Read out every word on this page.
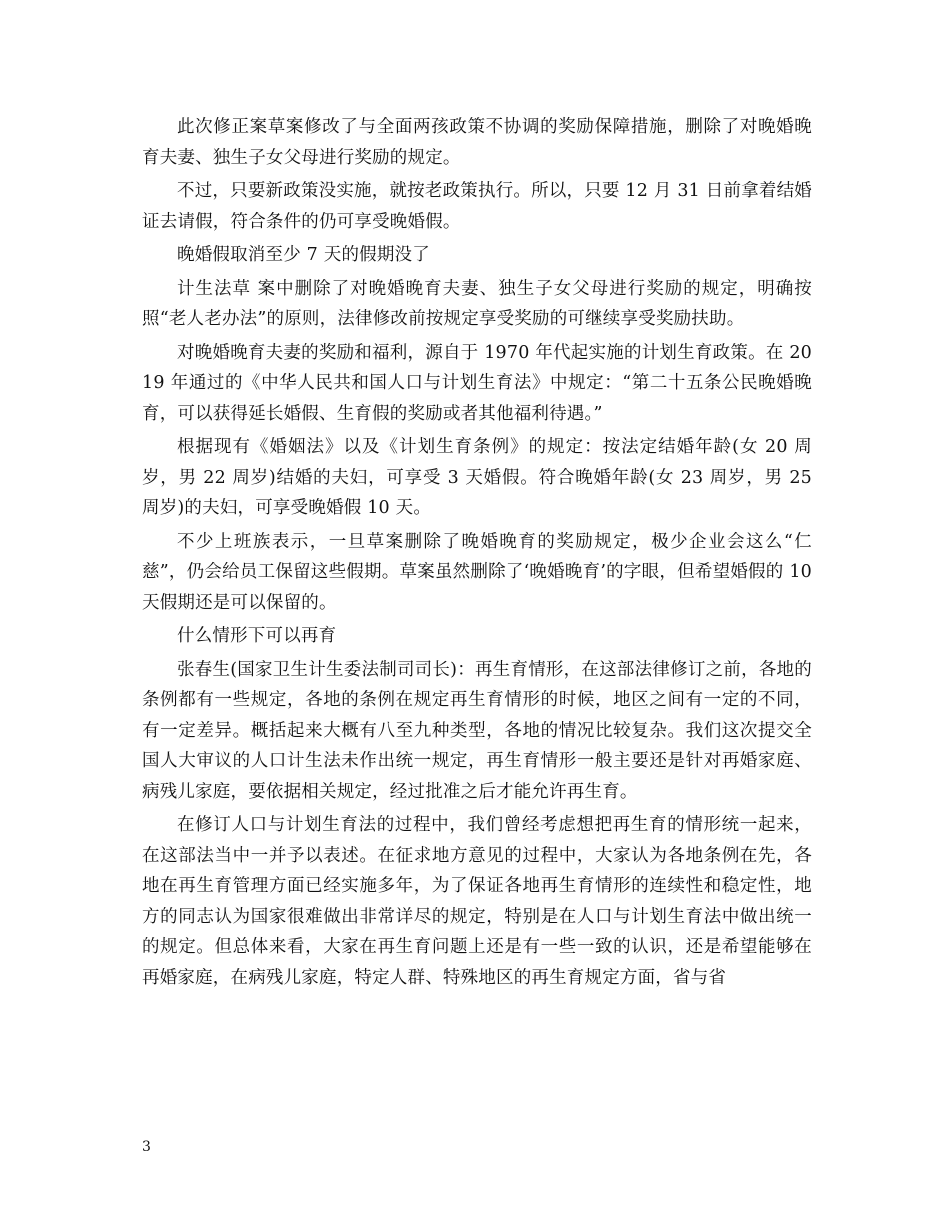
此次修正案草案修改了与全面两孩政策不协调的奖励保障措施，删除了对晚婚晚育夫妻、独生子女父母进行奖励的规定。

不过，只要新政策没实施，就按老政策执行。所以，只要 12 月 31 日前拿着结婚证去请假，符合条件的仍可享受晚婚假。

晚婚假取消至少 7 天的假期没了

计生法草 案中删除了对晚婚晚育夫妻、独生子女父母进行奖励的规定，明确按照“老人老办法”的原则，法律修改前按规定享受奖励的可继续享受奖励扶助。

对晚婚晚育夫妻的奖励和福利，源自于 1970 年代起实施的计划生育政策。在 2019 年通过的《中华人民共和国人口与计划生育法》中规定：“第二十五条公民晚婚晚育，可以获得延长婚假、生育假的奖励或者其他福利待遇。”

根据现有《婚姻法》以及《计划生育条例》的规定：按法定结婚年龄(女 20 周岁，男 22 周岁)结婚的夫妇，可享受 3 天婚假。符合晚婚年龄(女 23 周岁，男 25 周岁)的夫妇，可享受晚婚假 10 天。

不少上班族表示，一旦草案删除了晚婚晚育的奖励规定，极少企业会这么“仁慈”，仍会给员工保留这些假期。草案虽然删除了‘晚婚晚育’的字眼，但希望婚假的 10 天假期还是可以保留的。

什么情形下可以再育

张春生(国家卫生计生委法制司司长)：再生育情形，在这部法律修订之前，各地的条例都有一些规定，各地的条例在规定再生育情形的时候，地区之间有一定的不同，有一定差异。概括起来大概有八至九种类型，各地的情况比较复杂。我们这次提交全国人大审议的人口计生法未作出统一规定，再生育情形一般主要还是针对再婚家庭、病残儿家庭，要依据相关规定，经过批准之后才能允许再生育。

在修订人口与计划生育法的过程中，我们曾经考虑想把再生育的情形统一起来，在这部法当中一并予以表述。在征求地方意见的过程中，大家认为各地条例在先，各地在再生育管理方面已经实施多年，为了保证各地再生育情形的连续性和稳定性，地方的同志认为国家很难做出非常详尽的规定，特别是在人口与计划生育法中做出统一的规定。但总体来看，大家在再生育问题上还是有一些一致的认识，还是希望能够在再婚家庭，在病残儿家庭，特定人群、特殊地区的再生育规定方面，省与省

3
